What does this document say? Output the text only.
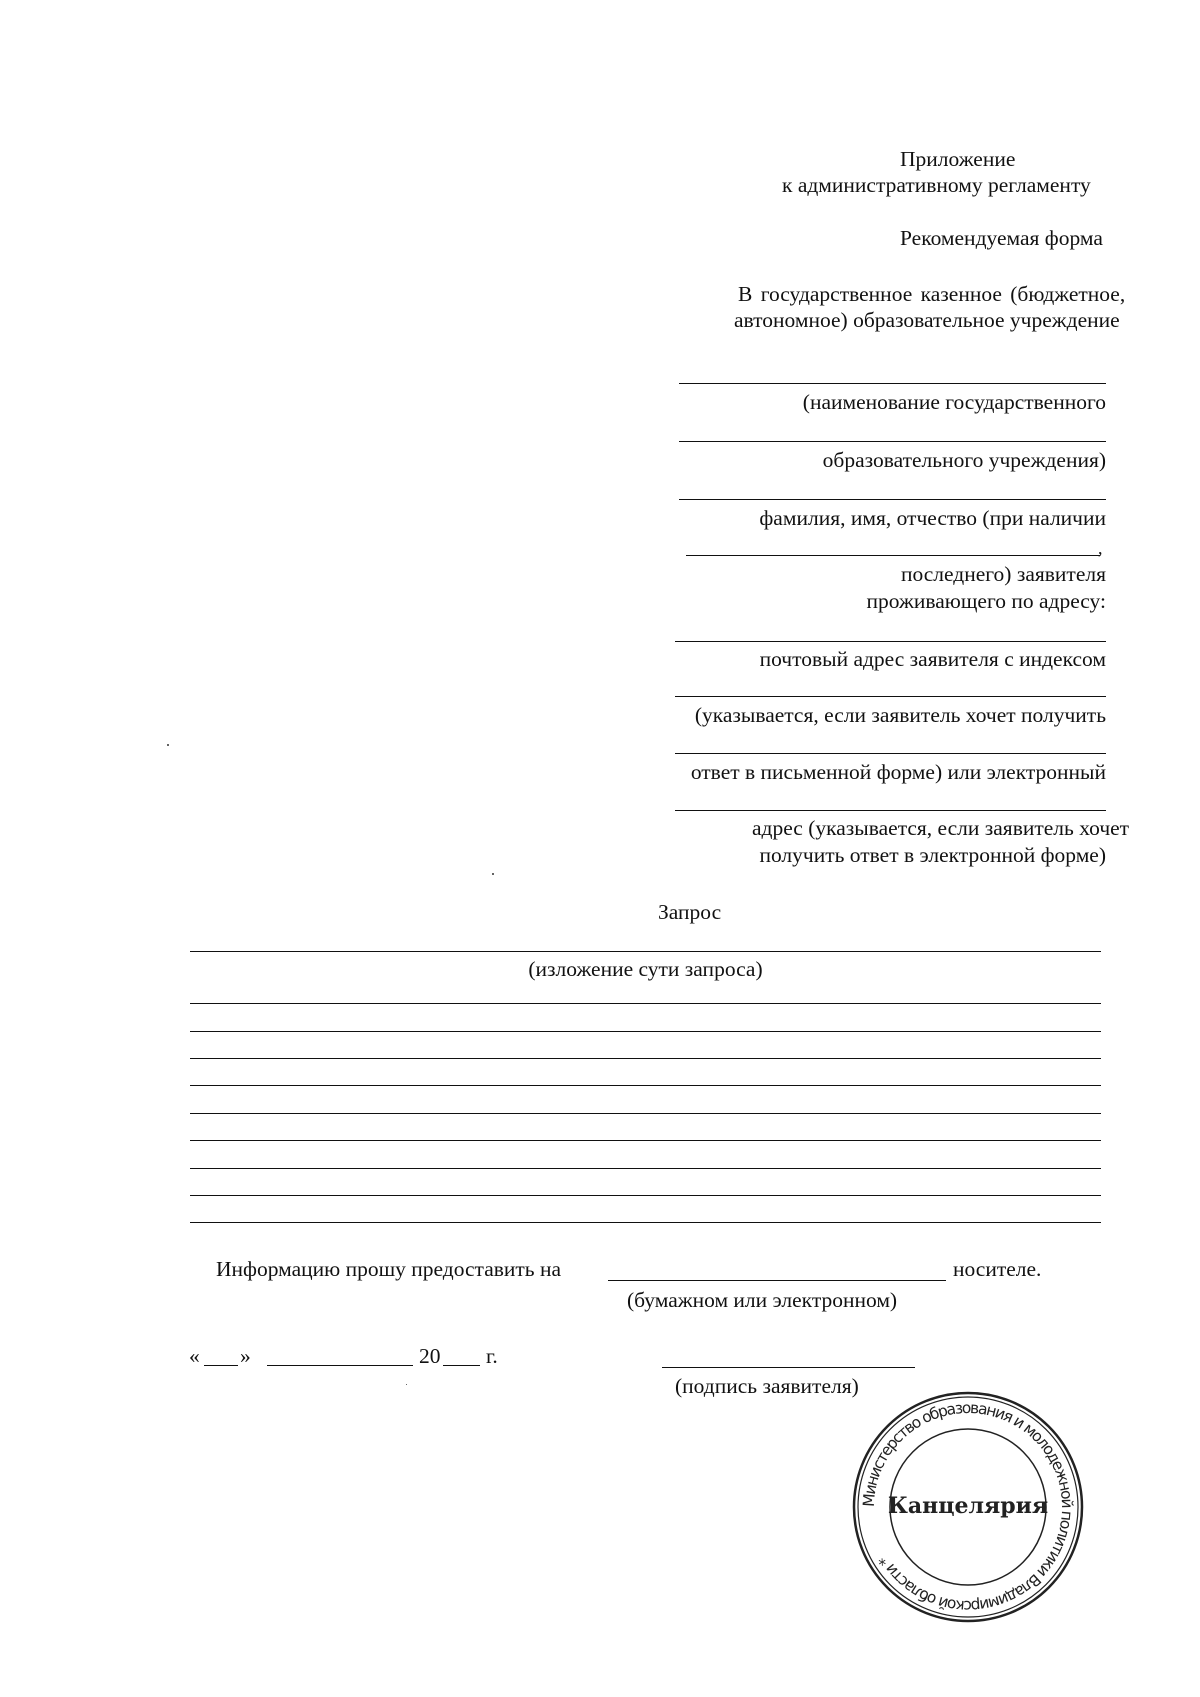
Приложение
к административному регламенту
Рекомендуемая форма
В государственное казенное (бюджетное,
автономное) образовательное учреждение
(наименование государственного
образовательного учреждения)
фамилия, имя, отчество (при наличии
,
последнего) заявителя
проживающего по адресу:
почтовый адрес заявителя с индексом
(указывается, если заявитель хочет получить
ответ в письменной форме) или электронный
адрес (указывается, если заявитель хочет
получить ответ в электронной форме)
Запрос
(изложение сути запроса)
Информацию прошу предоставить на	носителе.
(бумажном или электронном)
« »	20 г.
(подпись заявителя)
Министерство образования и молодежной политики Владимирской области *
Канцелярия
